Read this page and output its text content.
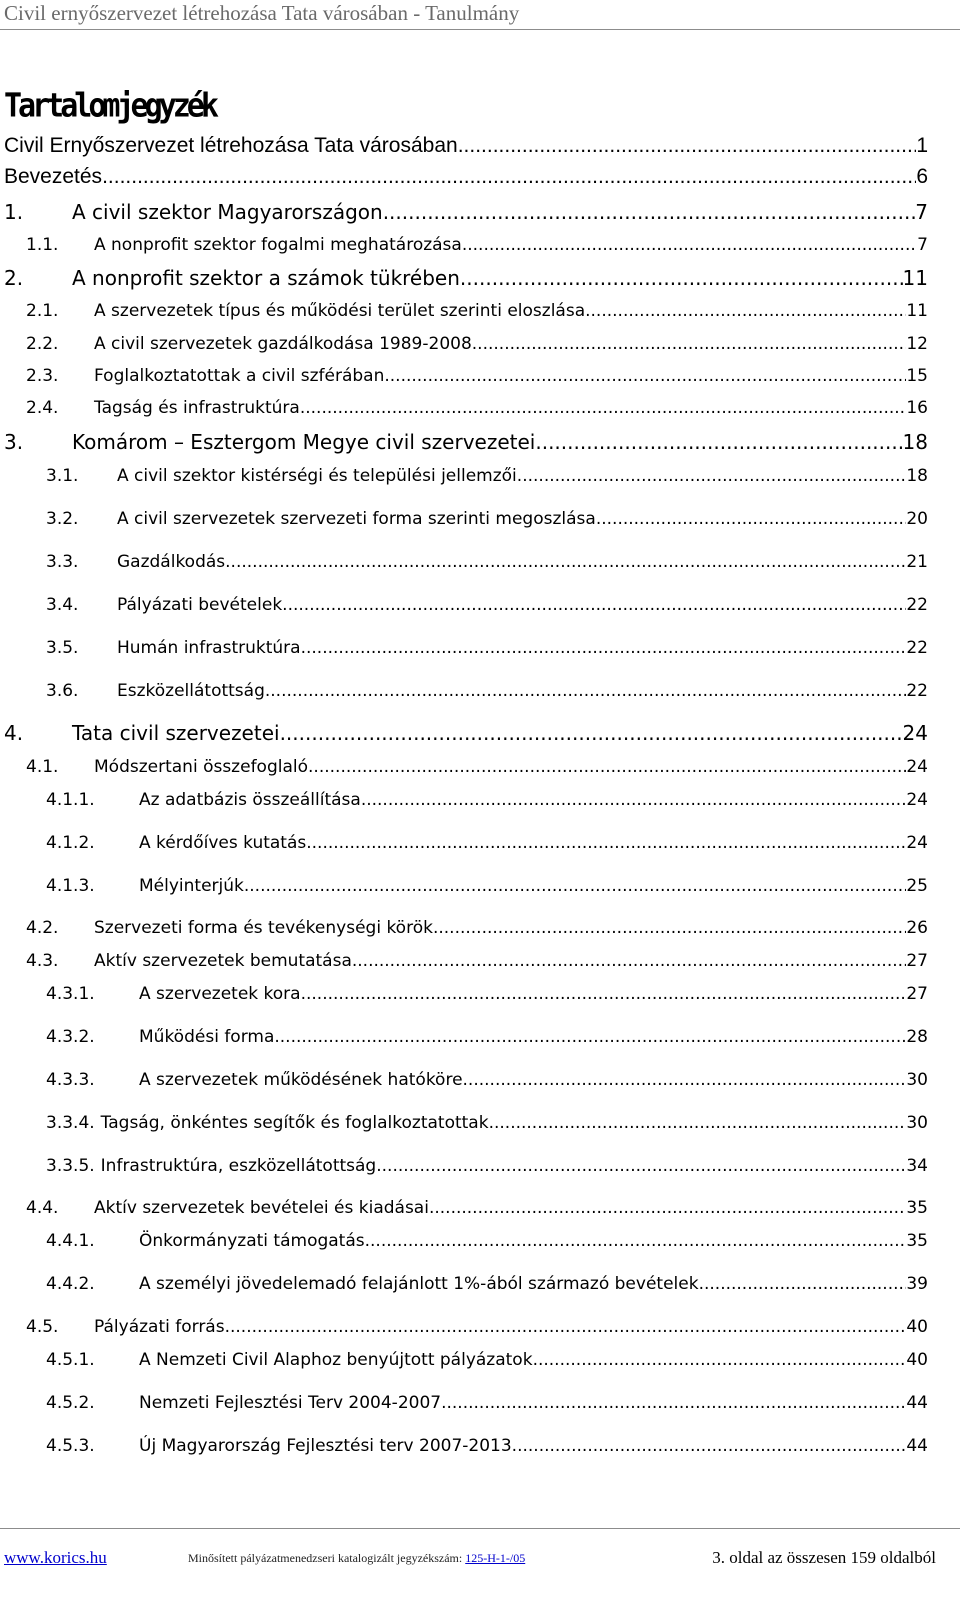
Civil ernyőszervezet létrehozása Tata városában - Tanulmány
Tartalomjegyzék
Civil Ernyőszervezet létrehozása Tata városában .....	1
Bevezetés .....	6
1.	A civil szektor Magyarországon .....	7
1.1.	A nonprofit szektor fogalmi meghatározása .....	7
2.	A nonprofit szektor a számok tükrében .....	11
2.1.	A szervezetek típus és működési terület szerinti eloszlása .....	11
2.2.	A civil szervezetek gazdálkodása 1989-2008 .....	12
2.3.	Foglalkoztatottak a civil szférában .....	15
2.4.	Tagság és infrastruktúra .....	16
3.	Komárom – Esztergom Megye civil szervezetei .....	18
3.1.	A civil szektor kistérségi és települési jellemzői .....	18
3.2.	A civil szervezetek szervezeti forma szerinti megoszlása .....	20
3.3.	Gazdálkodás .....	21
3.4.	Pályázati bevételek .....	22
3.5.	Humán infrastruktúra .....	22
3.6.	Eszközellátottság .....	22
4.	Tata civil szervezetei .....	24
4.1.	Módszertani összefoglaló .....	24
4.1.1.	Az adatbázis összeállítása .....	24
4.1.2.	A kérdőíves kutatás .....	24
4.1.3.	Mélyinterjúk .....	25
4.2.	Szervezeti forma és tevékenységi körök .....	26
4.3.	Aktív szervezetek bemutatása .....	27
4.3.1.	A szervezetek kora .....	27
4.3.2.	Működési forma .....	28
4.3.3.	A szervezetek működésének hatóköre .....	30
3.3.4. Tagság, önkéntes segítők és foglalkoztatottak .....	30
3.3.5. Infrastruktúra, eszközellátottság .....	34
4.4.	Aktív szervezetek bevételei és kiadásai .....	35
4.4.1.	Önkormányzati támogatás .....	35
4.4.2.	A személyi jövedelemadó felajánlott 1%-ából származó bevételek .....	39
4.5.	Pályázati forrás .....	40
4.5.1.	A Nemzeti Civil Alaphoz benyújtott pályázatok .....	40
4.5.2.	Nemzeti Fejlesztési Terv 2004-2007 .....	44
4.5.3.	Új Magyarország Fejlesztési terv 2007-2013 .....	44
www.korics.hu	Minősített pályázatmenedzseri katalogizált jegyzékszám: 125-H-1-/05	3. oldal az összesen 159 oldalból
